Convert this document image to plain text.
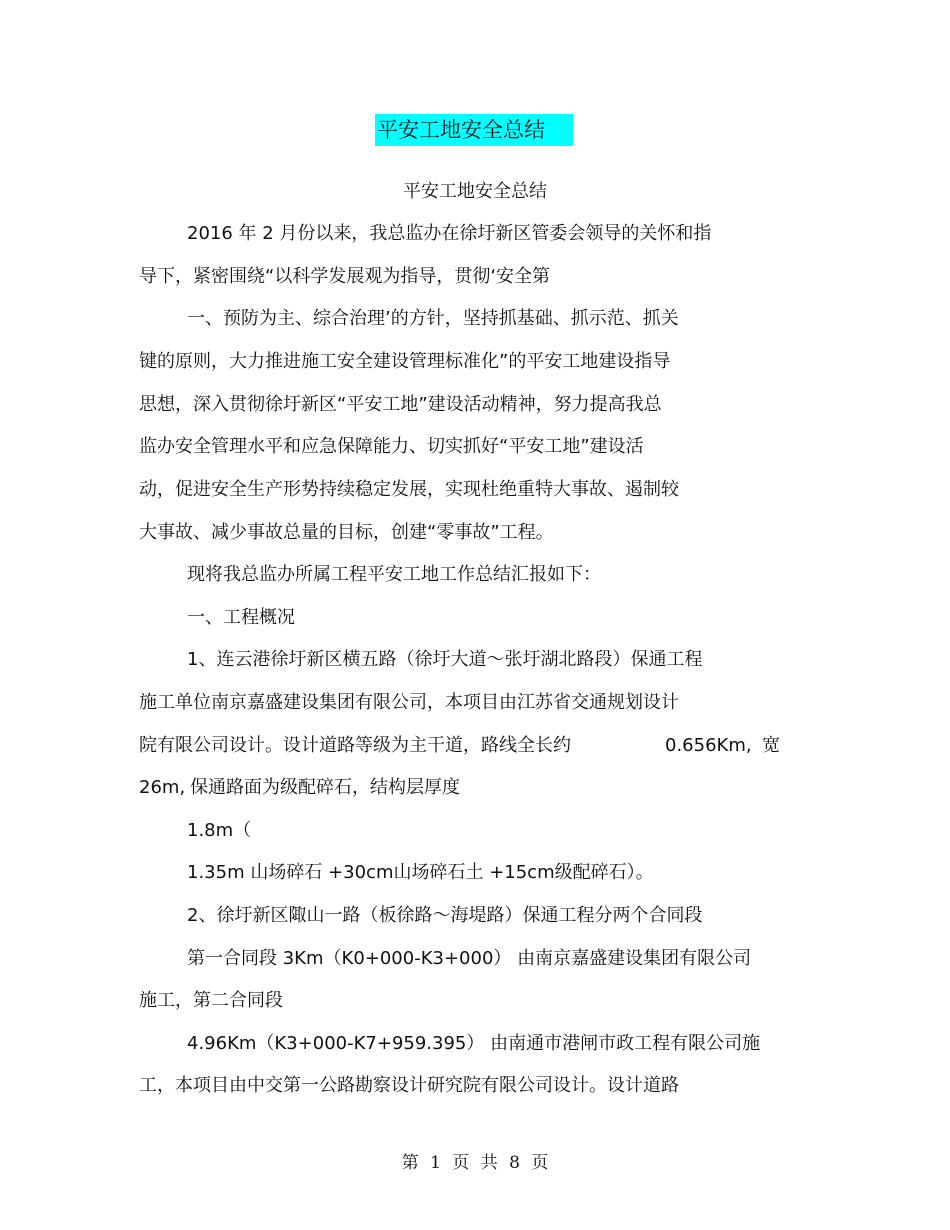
平安工地安全总结
平安工地安全总结
2016 年 2 月份以来，我总监办在徐圩新区管委会领导的关怀和指
导下，紧密围绕“以科学发展观为指导，贯彻‘安全第
一、预防为主、综合治理’的方针，坚持抓基础、抓示范、抓关
键的原则，大力推进施工安全建设管理标准化”的平安工地建设指导
思想，深入贯彻徐圩新区“平安工地”建设活动精神，努力提高我总
监办安全管理水平和应急保障能力、切实抓好“平安工地”建设活
动，促进安全生产形势持续稳定发展，实现杜绝重特大事故、遏制较
大事故、减少事故总量的目标，创建“零事故”工程。
现将我总监办所属工程平安工地工作总结汇报如下：
一、工程概况
1、连云港徐圩新区横五路（徐圩大道～张圩湖北路段）保通工程
施工单位南京嘉盛建设集团有限公司，本项目由江苏省交通规划设计
院有限公司设计。设计道路等级为主干道，路线全长约	0.656Km, 宽
26m, 保通路面为级配碎石，结构层厚度
1.8m（
1.35m 山场碎石 +30cm山场碎石土 +15cm级配碎石）。
2、徐圩新区陬山一路（板徐路～海堤路）保通工程分两个合同段
第一合同段 3Km（K0+000-K3+000） 由南京嘉盛建设集团有限公司
施工，第二合同段
4.96Km（K3+000-K7+959.395） 由南通市港闸市政工程有限公司施
工，本项目由中交第一公路勘察设计研究院有限公司设计。设计道路
第 1 页 共 8 页
